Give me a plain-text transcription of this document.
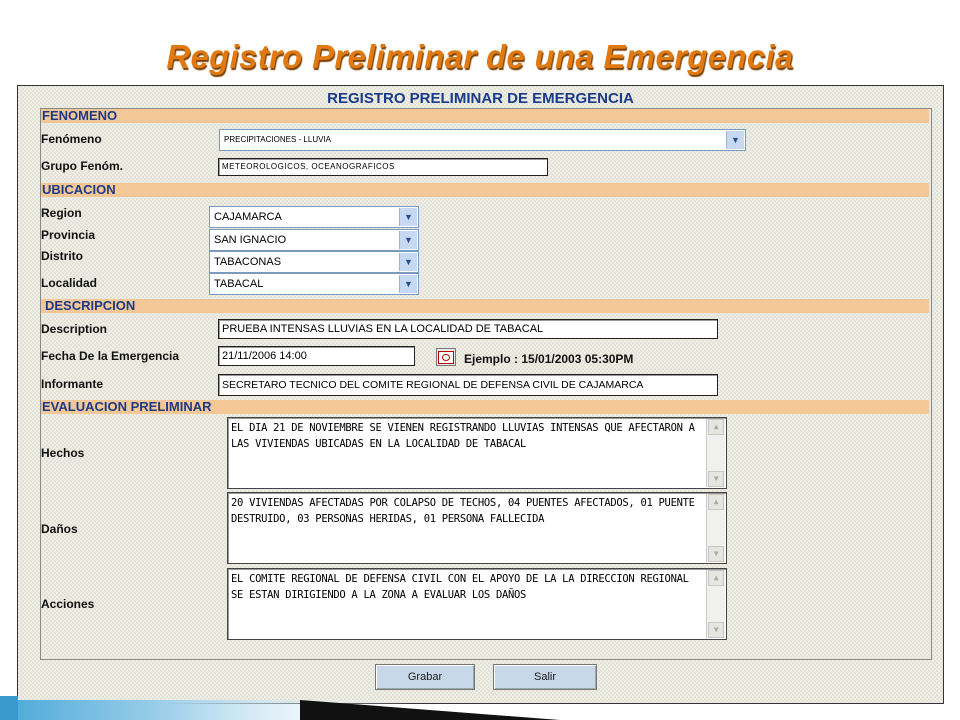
Registro Preliminar de una Emergencia
REGISTRO PRELIMINAR DE EMERGENCIA
FENOMENO
Fenómeno	PRECIPITACIONES - LLUVIA	▼
Grupo Fenóm.	METEOROLOGICOS, OCEANOGRAFICOS
UBICACION
Region	CAJAMARCA	▼
Provincia	SAN IGNACIO	▼
Distrito	TABACONAS	▼
Localidad	TABACAL	▼
DESCRIPCION
Description	PRUEBA INTENSAS LLUVIAS EN LA LOCALIDAD DE TABACAL
Fecha De la Emergencia	21/11/2006 14:00	Ejemplo : 15/01/2003 05:30PM
Informante	SECRETARO TECNICO DEL COMITE REGIONAL DE DEFENSA CIVIL DE CAJAMARCA
EVALUACION PRELIMINAR
Hechos
EL DIA 21 DE NOVIEMBRE SE VIENEN REGISTRANDO LLUVIAS INTENSAS QUE AFECTARON A LAS VIVIENDAS UBICADAS EN LA LOCALIDAD DE TABACAL
▲
▼
Daños
20 VIVIENDAS AFECTADAS POR COLAPSO DE TECHOS, 04 PUENTES AFECTADOS, 01 PUENTE DESTRUIDO, 03 PERSONAS HERIDAS, 01 PERSONA FALLECIDA
▲
▼
Acciones
EL COMITE REGIONAL DE DEFENSA CIVIL CON EL APOYO DE LA LA DIRECCION REGIONAL SE ESTAN DIRIGIENDO A LA ZONA A EVALUAR LOS DAÑOS
▲
▼
Grabar	Salir
